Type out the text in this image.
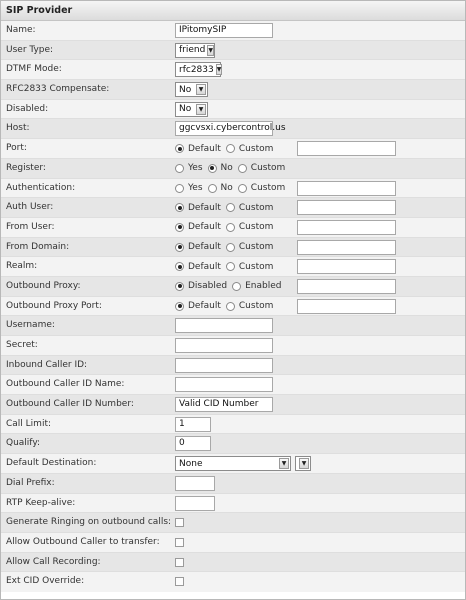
SIP Provider
Name:	IPitomySIP
User Type:	friend ▼
DTMF Mode:	rfc2833 ▼
RFC2833 Compensate:	No	▼
Disabled:	No	▼
Host:	ggcvsxi.cybercontrol.us
Port:	Default Custom
Register:	Yes No Custom
Authentication:	Yes No Custom
Auth User:	Default Custom
From User:	Default Custom
From Domain:	Default Custom
Realm:	Default Custom
Outbound Proxy:	Disabled Enabled
Outbound Proxy Port:	Default Custom
Username:
Secret:
Inbound Caller ID:
Outbound Caller ID Name:
Outbound Caller ID Number:	Valid CID Number
Call Limit:	1
Qualify:	0
Default Destination:	None	▼	▼
Dial Prefix:
RTP Keep-alive:
Generate Ringing on outbound calls:
Allow Outbound Caller to transfer:
Allow Call Recording:
Ext CID Override:
